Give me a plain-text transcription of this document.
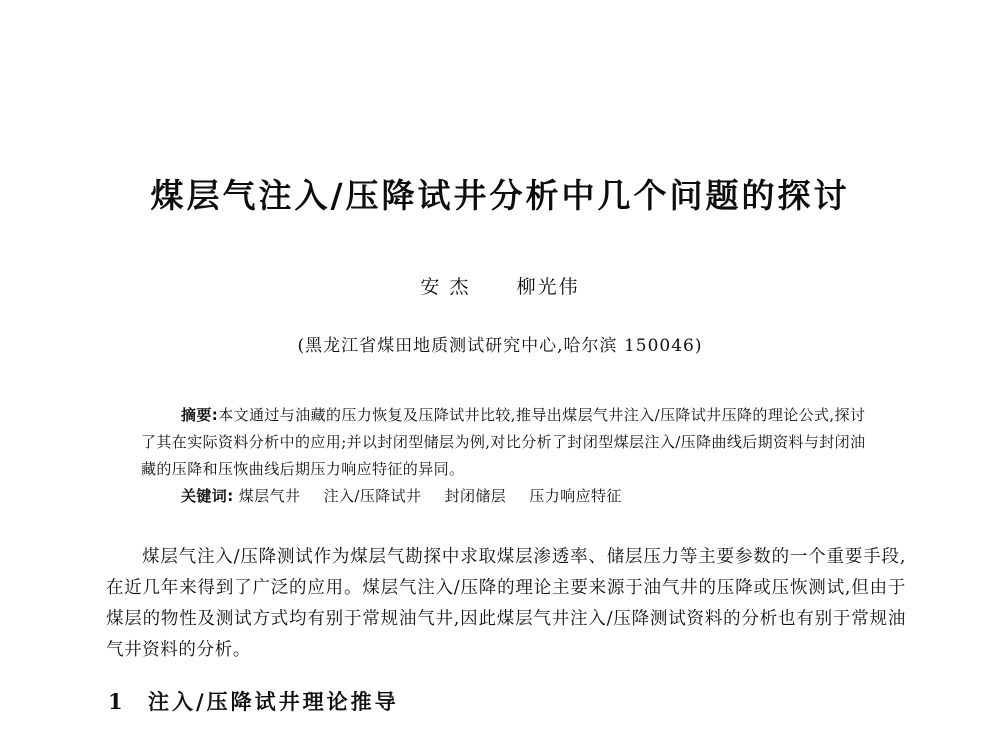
煤层气注入/压降试井分析中几个问题的探讨
安 杰 柳光伟
(黑龙江省煤田地质测试研究中心,哈尔滨 150046)

摘要:本文通过与油藏的压力恢复及压降试井比较,推导出煤层气井注入/压降试井压降的理论公式,探讨了其在实际资料分析中的应用;并以封闭型储层为例,对比分析了封闭型煤层注入/压降曲线后期资料与封闭油藏的压降和压恢曲线后期压力响应特征的异同。

关键词: 煤层气井 注入/压降试井 封闭储层 压力响应特征

煤层气注入/压降测试作为煤层气勘探中求取煤层渗透率、储层压力等主要参数的一个重要手段,在近几年来得到了广泛的应用。煤层气注入/压降的理论主要来源于油气井的压降或压恢测试,但由于煤层的物性及测试方式均有别于常规油气井,因此煤层气井注入/压降测试资料的分析也有别于常规油气井资料的分析。

1 注入/压降试井理论推导
